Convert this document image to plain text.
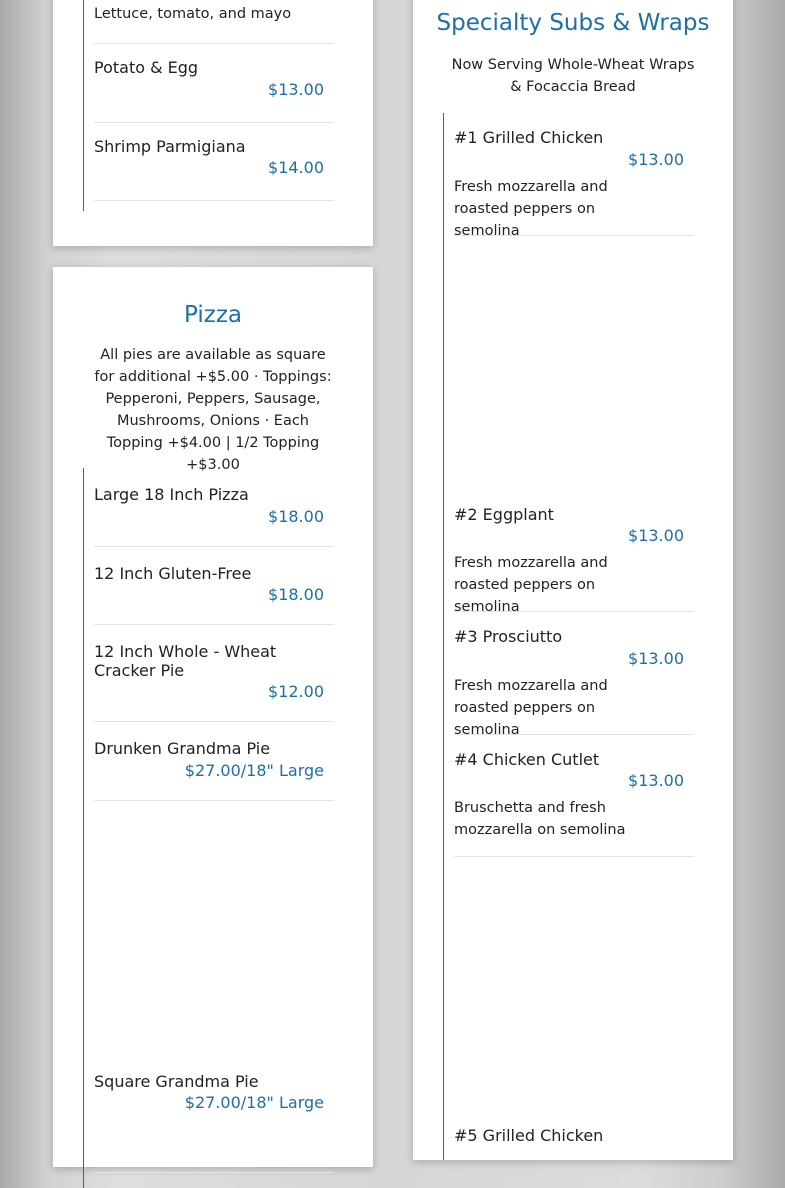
Lettuce, tomato, and mayo
Potato & Egg
$13.00
Shrimp Parmigiana
$14.00
Pizza
All pies are available as square for additional +$5.00 · Toppings: Pepperoni, Peppers, Sausage, Mushrooms, Onions · Each Topping +$4.00 | 1/2 Topping +$3.00
Large 18 Inch Pizza
$18.00
12 Inch Gluten-Free
$18.00
12 Inch Whole - Wheat Cracker Pie
$12.00
Drunken Grandma Pie
$27.00/18" Large
Square Grandma Pie
$27.00/18" Large
Specialty Subs & Wraps
Now Serving Whole-Wheat Wraps & Focaccia Bread
#1 Grilled Chicken
$13.00
Fresh mozzarella and roasted peppers on semolina
#2 Eggplant
$13.00
Fresh mozzarella and roasted peppers on semolina
#3 Prosciutto
$13.00
Fresh mozzarella and roasted peppers on semolina
#4 Chicken Cutlet
$13.00
Bruschetta and fresh mozzarella on semolina
#5 Grilled Chicken
